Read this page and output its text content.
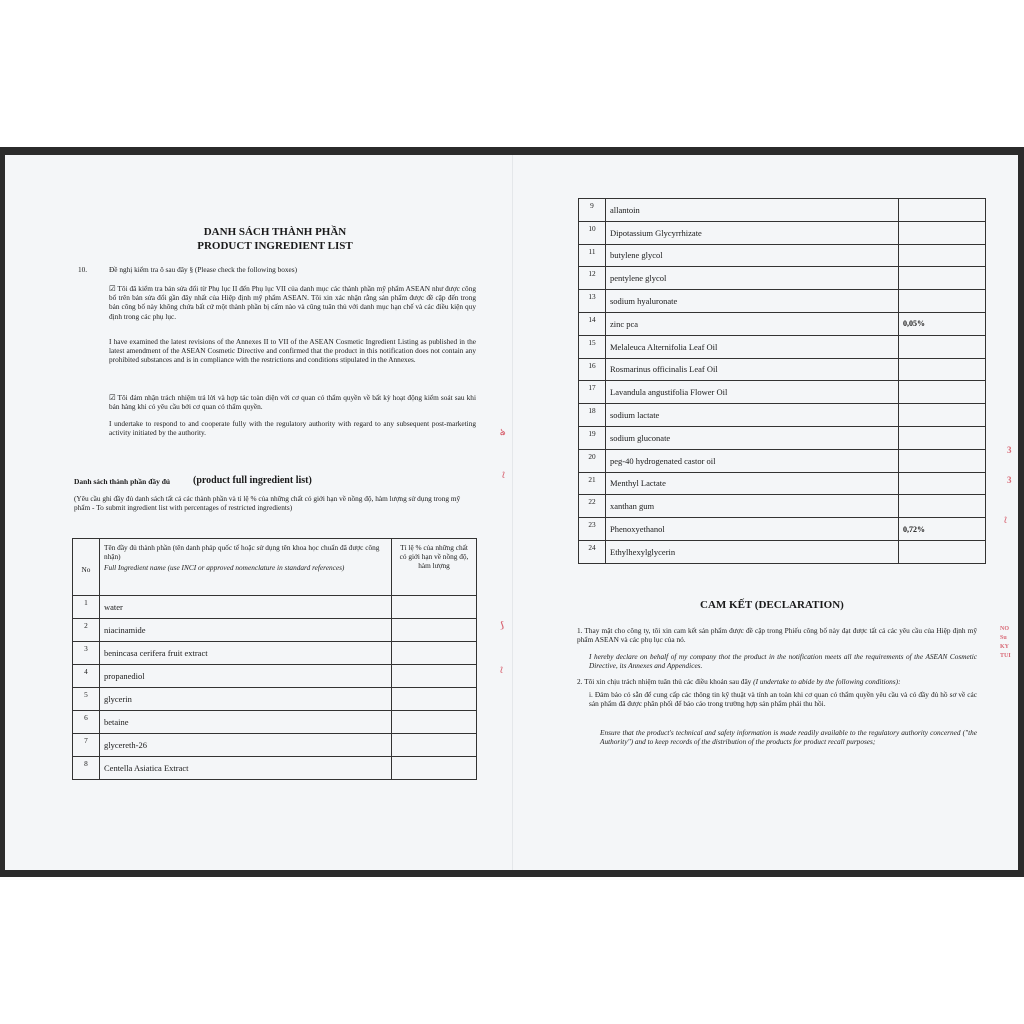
DANH SÁCH THÀNH PHẦN
PRODUCT INGREDIENT LIST
10.	Đề nghị kiểm tra ô sau đây § (Please check the following boxes)
☑ Tôi đã kiểm tra bản sửa đổi từ Phụ lục II đến Phụ lục VII của danh mục các thành phần mỹ phẩm ASEAN như được công bố trên bản sửa đổi gần đây nhất của Hiệp định mỹ phẩm ASEAN. Tôi xin xác nhận rằng sản phẩm được đề cập đến trong bản công bố này không chứa bất cứ một thành phần bị cấm nào và cũng tuân thủ với danh mục hạn chế và các điều kiện quy định trong các phụ lục.
I have examined the latest revisions of the Annexes II to VII of the ASEAN Cosmetic Ingredient Listing as published in the latest amendment of the ASEAN Cosmetic Directive and confirmed that the product in this notification does not contain any prohibited substances and is in compliance with the restrictions and conditions stipulated in the Annexes.
☑ Tôi đảm nhận trách nhiệm trả lời và hợp tác toàn diện với cơ quan có thẩm quyền về bất kỳ hoạt động kiểm soát sau khi bán hàng khi có yêu cầu bởi cơ quan có thẩm quyền.
I undertake to respond to and cooperate fully with the regulatory authority with regard to any subsequent post-marketing activity initiated by the authority.
Danh sách thành phần đầy đủ (product full ingredient list)
(Yêu cầu ghi đầy đủ danh sách tất cả các thành phần và tỉ lệ % của những chất có giới hạn về nồng độ, hàm lượng sử dụng trong mỹ phẩm - To submit ingredient list with percentages of restricted ingredients)
No	Tên đầy đủ thành phần (tên danh pháp quốc tế hoặc sử dụng tên khoa học chuẩn đã được công nhận)
Full Ingredient name (use INCI or approved nomenclature in standard references)	Tỉ lệ % của những chất có giới hạn về nồng độ, hàm lượng
1	water	
2	niacinamide	
3	benincasa cerifera fruit extract	
4	propanediol	
5	glycerin	
6	betaine	
7	glycereth-26	
8	Centella Asiatica Extract	
ঌ
⟅
⟆
⟅
9	allantoin	
10	Dipotassium Glycyrrhizate	
11	butylene glycol	
12	pentylene glycol	
13	sodium hyaluronate	
14	zinc pca	0,05%
15	Melaleuca Alternifolia Leaf Oil	
16	Rosmarinus officinalis Leaf Oil	
17	Lavandula angustifolia Flower Oil	
18	sodium lactate	
19	sodium gluconate	
20	peg-40 hydrogenated castor oil	
21	Menthyl Lactate	
22	xanthan gum	
23	Phenoxyethanol	0,72%
24	Ethylhexylglycerin	
CAM KẾT (DECLARATION)
1. Thay mặt cho công ty, tôi xin cam kết sản phẩm được đề cập trong Phiếu công bố này đạt được tất cả các yêu cầu của Hiệp định mỹ phẩm ASEAN và các phụ lục của nó.
I hereby declare on behalf of my company thot the product in the notification meets all the requirements of the ASEAN Cosmetic Directive, its Annexes and Appendices.
2. Tôi xin chịu trách nhiệm tuân thủ các điều khoản sau đây (I undertake to abide by the following conditions):
i. Đảm bảo có sẵn để cung cấp các thông tin kỹ thuật và tính an toàn khi cơ quan có thẩm quyền yêu cầu và có đầy đủ hồ sơ về các sản phẩm đã được phân phối để báo cáo trong trường hợp sản phẩm phải thu hồi.
Ensure that the product's technical and safety information is made readily available to the regulatory authority concerned ("the Authority") and to keep records of the distribution of the products for product recall purposes;
3
3
⟅
NO
Su
KY
TUI
